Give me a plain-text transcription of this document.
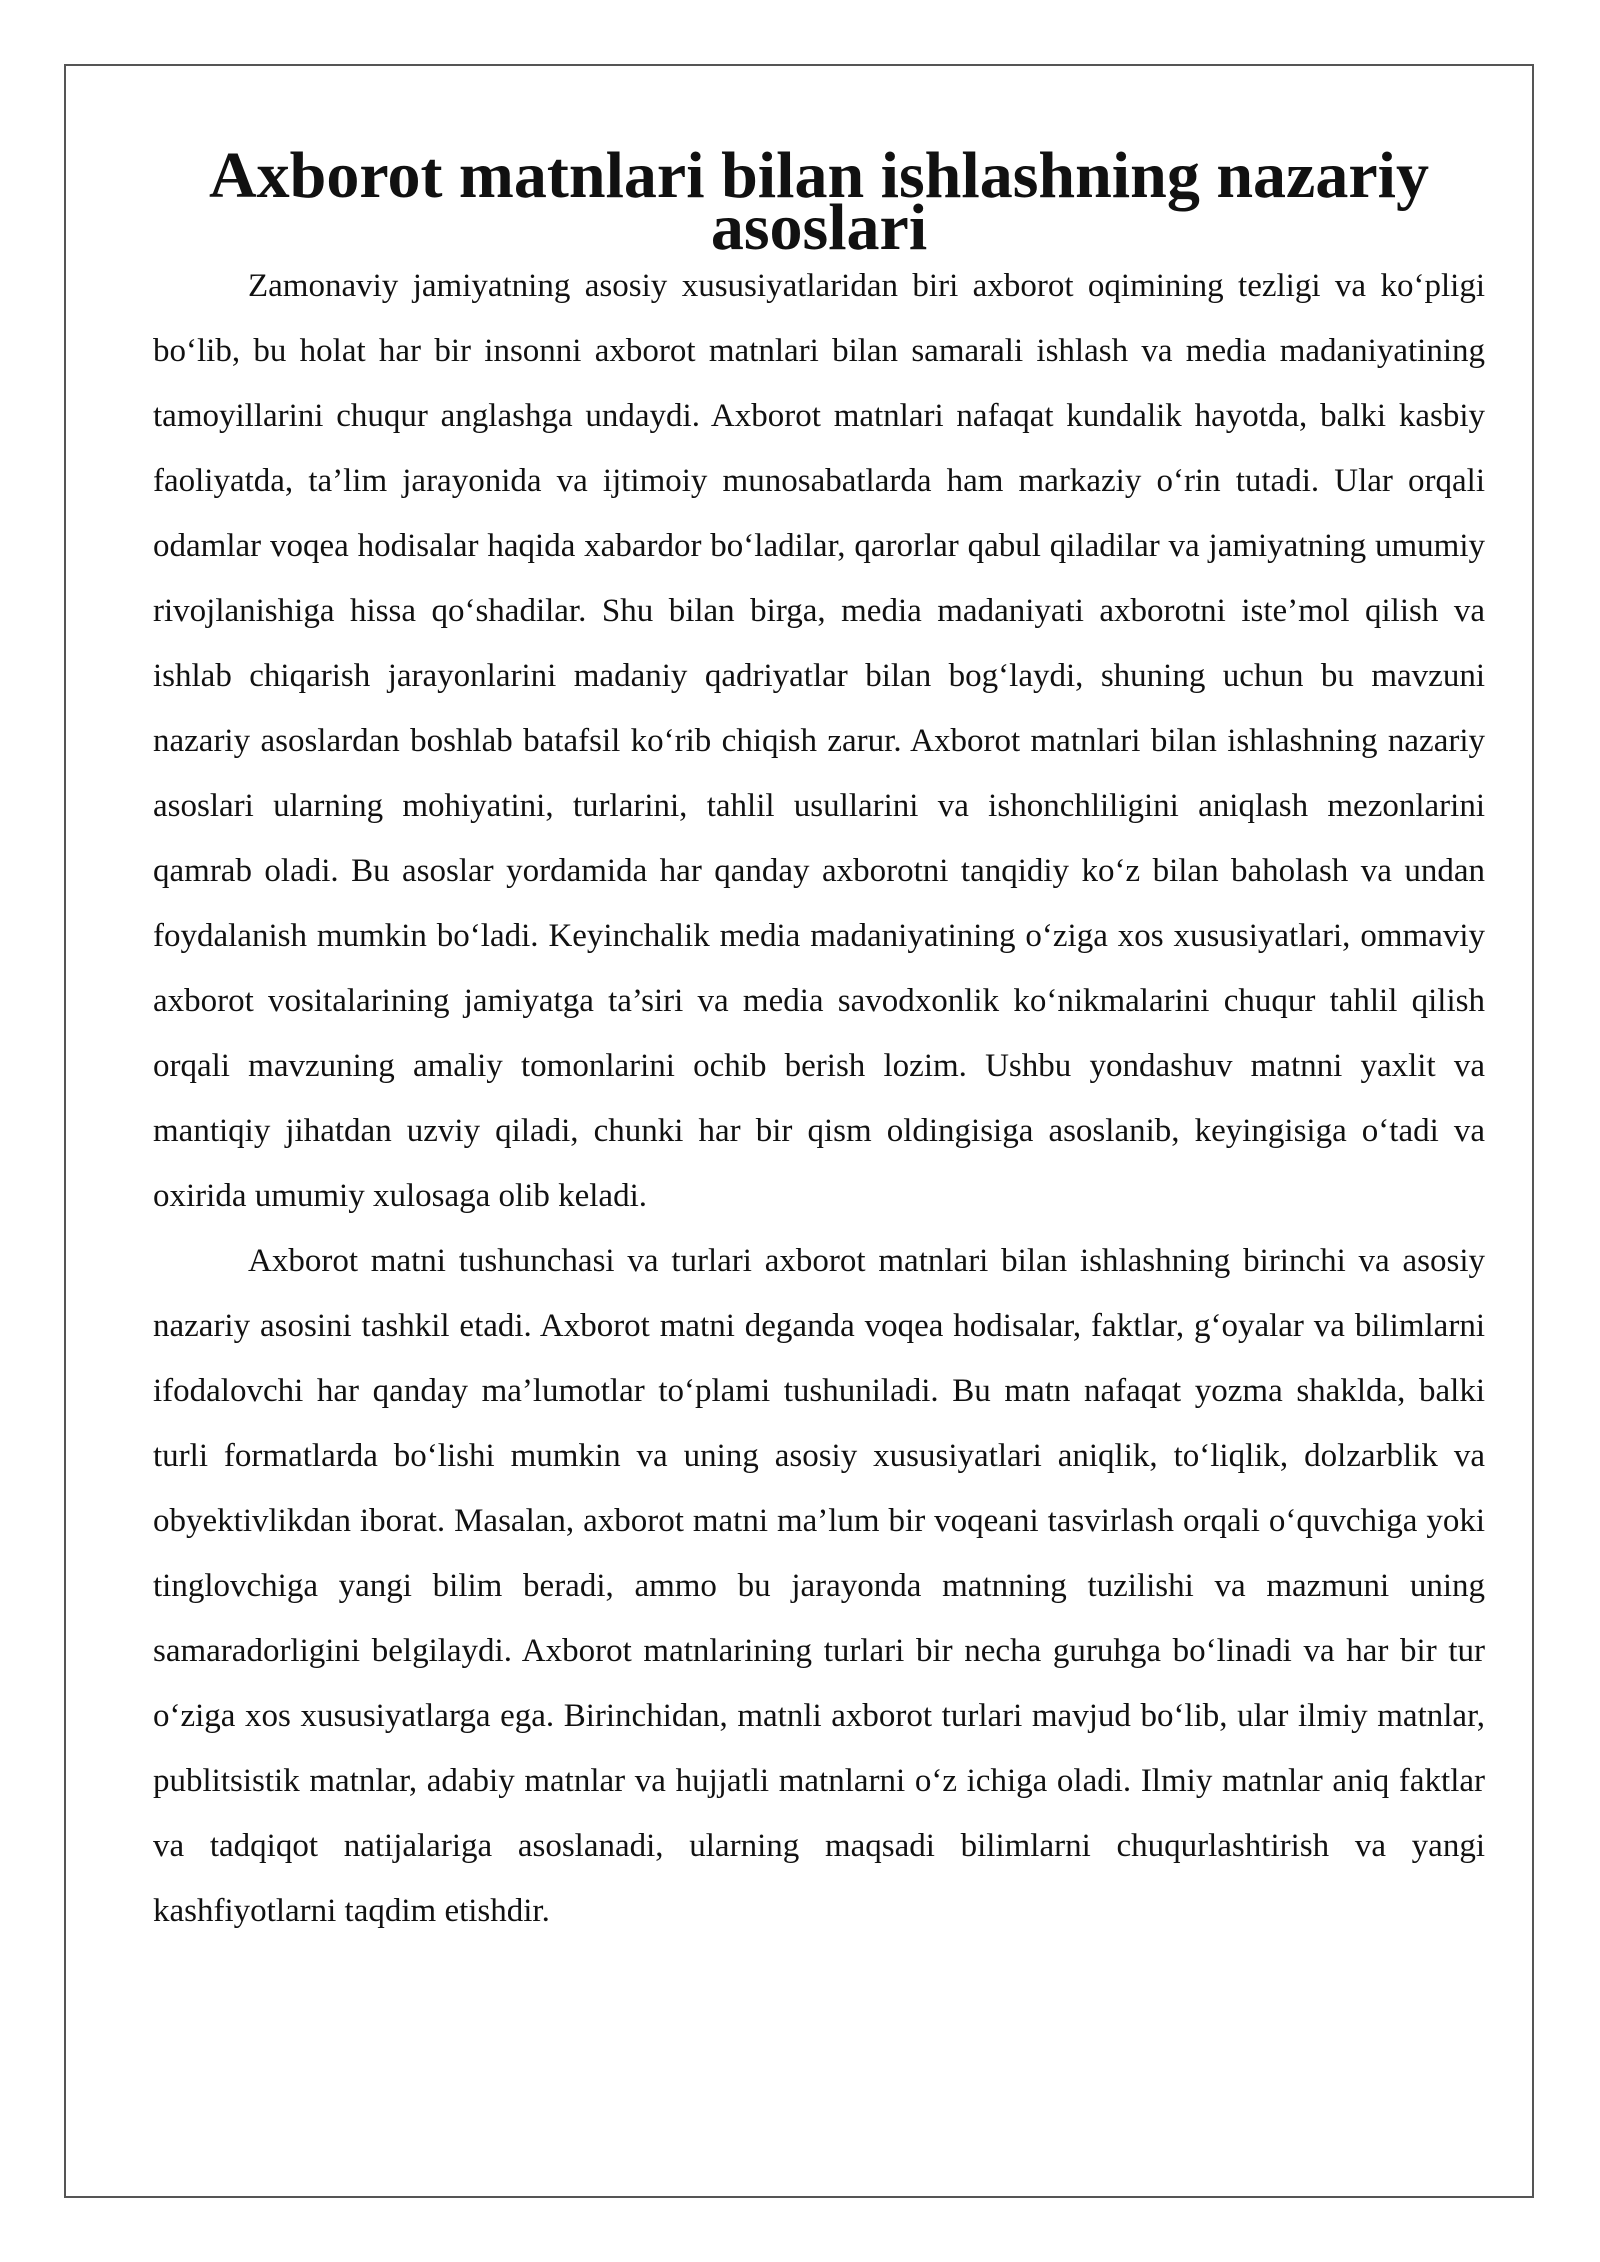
Axborot matnlari bilan ishlashning nazariy asoslari

Zamonaviy jamiyatning asosiy xususiyatlaridan biri axborot oqimining tezligi va ko‘pligi bo‘lib, bu holat har bir insonni axborot matnlari bilan samarali ishlash va media madaniyatining tamoyillarini chuqur anglashga undaydi. Axborot matnlari nafaqat kundalik hayotda, balki kasbiy faoliyatda, ta’lim jarayonida va ijtimoiy munosabatlarda ham markaziy o‘rin tutadi. Ular orqali odamlar voqea hodisalar haqida xabardor bo‘ladilar, qarorlar qabul qiladilar va jamiyatning umumiy rivojlanishiga hissa qo‘shadilar. Shu bilan birga, media madaniyati axborotni iste’mol qilish va ishlab chiqarish jarayonlarini madaniy qadriyatlar bilan bog‘laydi, shuning uchun bu mavzuni nazariy asoslardan boshlab batafsil ko‘rib chiqish zarur. Axborot matnlari bilan ishlashning nazariy asoslari ularning mohiyatini, turlarini, tahlil usullarini va ishonchliligini aniqlash mezonlarini qamrab oladi. Bu asoslar yordamida har qanday axborotni tanqidiy ko‘z bilan baholash va undan foydalanish mumkin bo‘ladi. Keyinchalik media madaniyatining o‘ziga xos xususiyatlari, ommaviy axborot vositalarining jamiyatga ta’siri va media savodxonlik ko‘nikmalarini chuqur tahlil qilish orqali mavzuning amaliy tomonlarini ochib berish lozim. Ushbu yondashuv matnni yaxlit va mantiqiy jihatdan uzviy qiladi, chunki har bir qism oldingisiga asoslanib, keyingisiga o‘tadi va oxirida umumiy xulosaga olib keladi.

Axborot matni tushunchasi va turlari axborot matnlari bilan ishlashning birinchi va asosiy nazariy asosini tashkil etadi. Axborot matni deganda voqea hodisalar, faktlar, g‘oyalar va bilimlarni ifodalovchi har qanday ma’lumotlar to‘plami tushuniladi. Bu matn nafaqat yozma shaklda, balki turli formatlarda bo‘lishi mumkin va uning asosiy xususiyatlari aniqlik, to‘liqlik, dolzarblik va obyektivlikdan iborat. Masalan, axborot matni ma’lum bir voqeani tasvirlash orqali o‘quvchiga yoki tinglovchiga yangi bilim beradi, ammo bu jarayonda matnning tuzilishi va mazmuni uning samaradorligini belgilaydi. Axborot matnlarining turlari bir necha guruhga bo‘linadi va har bir tur o‘ziga xos xususiyatlarga ega. Birinchidan, matnli axborot turlari mavjud bo‘lib, ular ilmiy matnlar, publitsistik matnlar, adabiy matnlar va hujjatli matnlarni o‘z ichiga oladi. Ilmiy matnlar aniq faktlar va tadqiqot natijalariga asoslanadi, ularning maqsadi bilimlarni chuqurlashtirish va yangi kashfiyotlarni taqdim etishdir.
